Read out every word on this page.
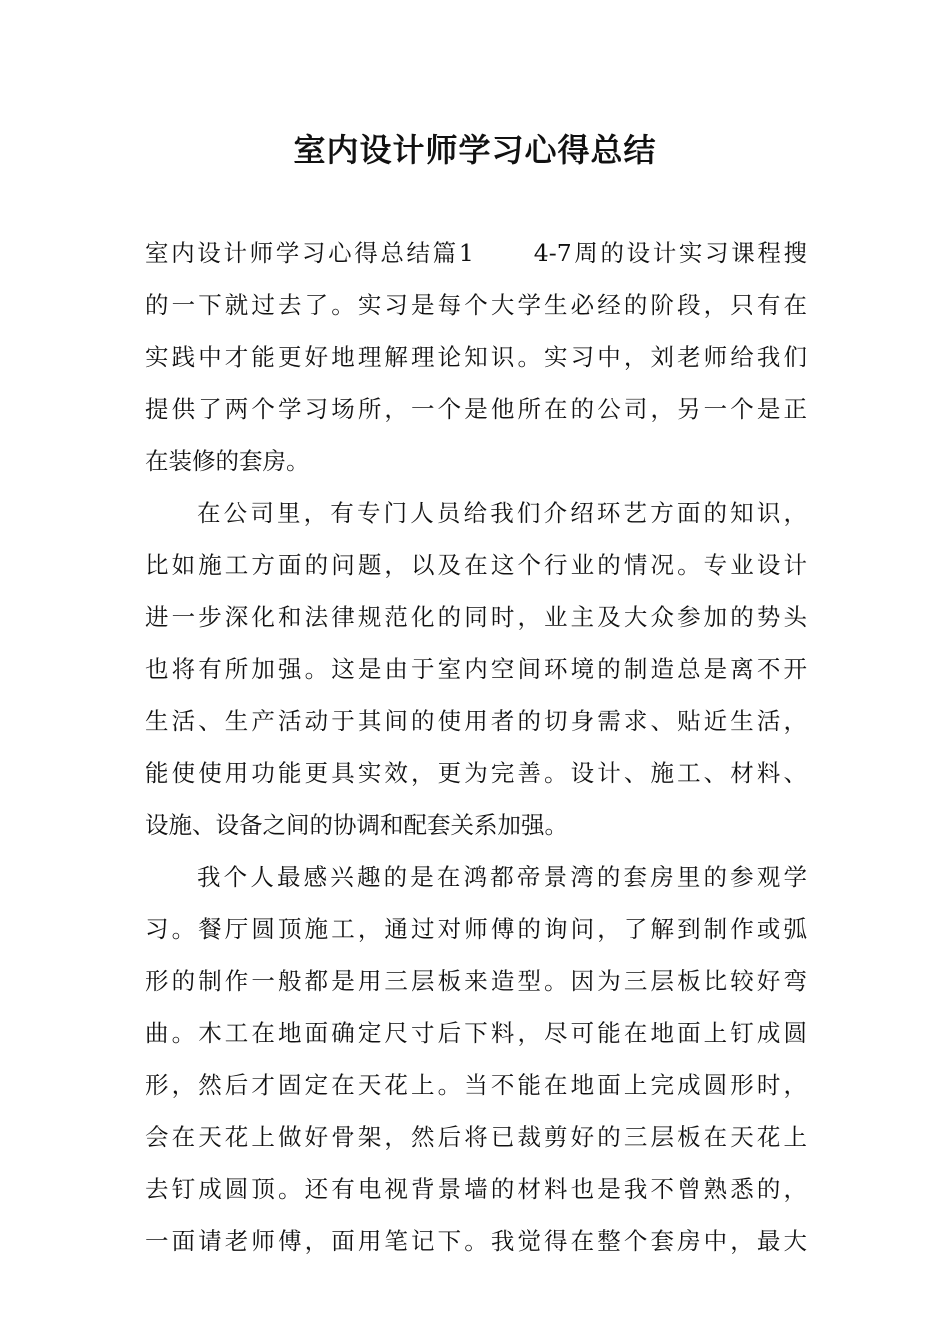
室内设计师学习心得总结
室内设计师学习心得总结篇1	4-7周的设计实习课程搜
的一下就过去了。实习是每个大学生必经的阶段，只有在
实践中才能更好地理解理论知识。实习中，刘老师给我们
提供了两个学习场所，一个是他所在的公司，另一个是正
在装修的套房。
在公司里，有专门人员给我们介绍环艺方面的知识，
比如施工方面的问题，以及在这个行业的情况。专业设计
进一步深化和法律规范化的同时，业主及大众参加的势头
也将有所加强。这是由于室内空间环境的制造总是离不开
生活、生产活动于其间的使用者的切身需求、贴近生活，
能使使用功能更具实效，更为完善。设计、施工、材料、
设施、设备之间的协调和配套关系加强。
我个人最感兴趣的是在鸿都帝景湾的套房里的参观学
习。餐厅圆顶施工，通过对师傅的询问，了解到制作或弧
形的制作一般都是用三层板来造型。因为三层板比较好弯
曲。木工在地面确定尺寸后下料，尽可能在地面上钉成圆
形，然后才固定在天花上。当不能在地面上完成圆形时，
会在天花上做好骨架，然后将已裁剪好的三层板在天花上
去钉成圆顶。还有电视背景墙的材料也是我不曾熟悉的，
一面请老师傅，面用笔记下。我觉得在整个套房中，最大
